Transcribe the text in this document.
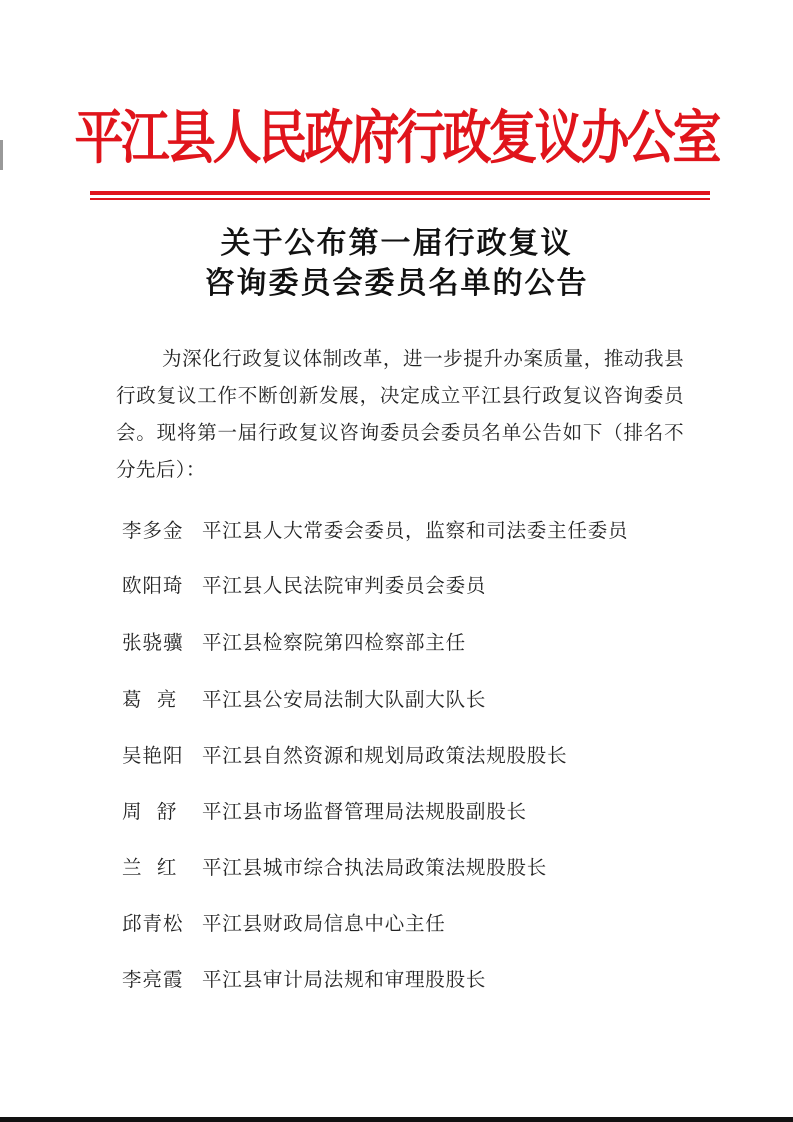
平江县人民政府行政复议办公室
关于公布第一届行政复议
咨询委员会委员名单的公告
为深化行政复议体制改革，进一步提升办案质量，推动我县行政复议工作不断创新发展，决定成立平江县行政复议咨询委员会。现将第一届行政复议咨询委员会委员名单公告如下（排名不分先后）：
李多金 平江县人大常委会委员，监察和司法委主任委员
欧阳琦 平江县人民法院审判委员会委员
张骁骥 平江县检察院第四检察部主任
葛  亮 平江县公安局法制大队副大队长
吴艳阳 平江县自然资源和规划局政策法规股股长
周  舒 平江县市场监督管理局法规股副股长
兰  红 平江县城市综合执法局政策法规股股长
邱青松 平江县财政局信息中心主任
李亮霞 平江县审计局法规和审理股股长
